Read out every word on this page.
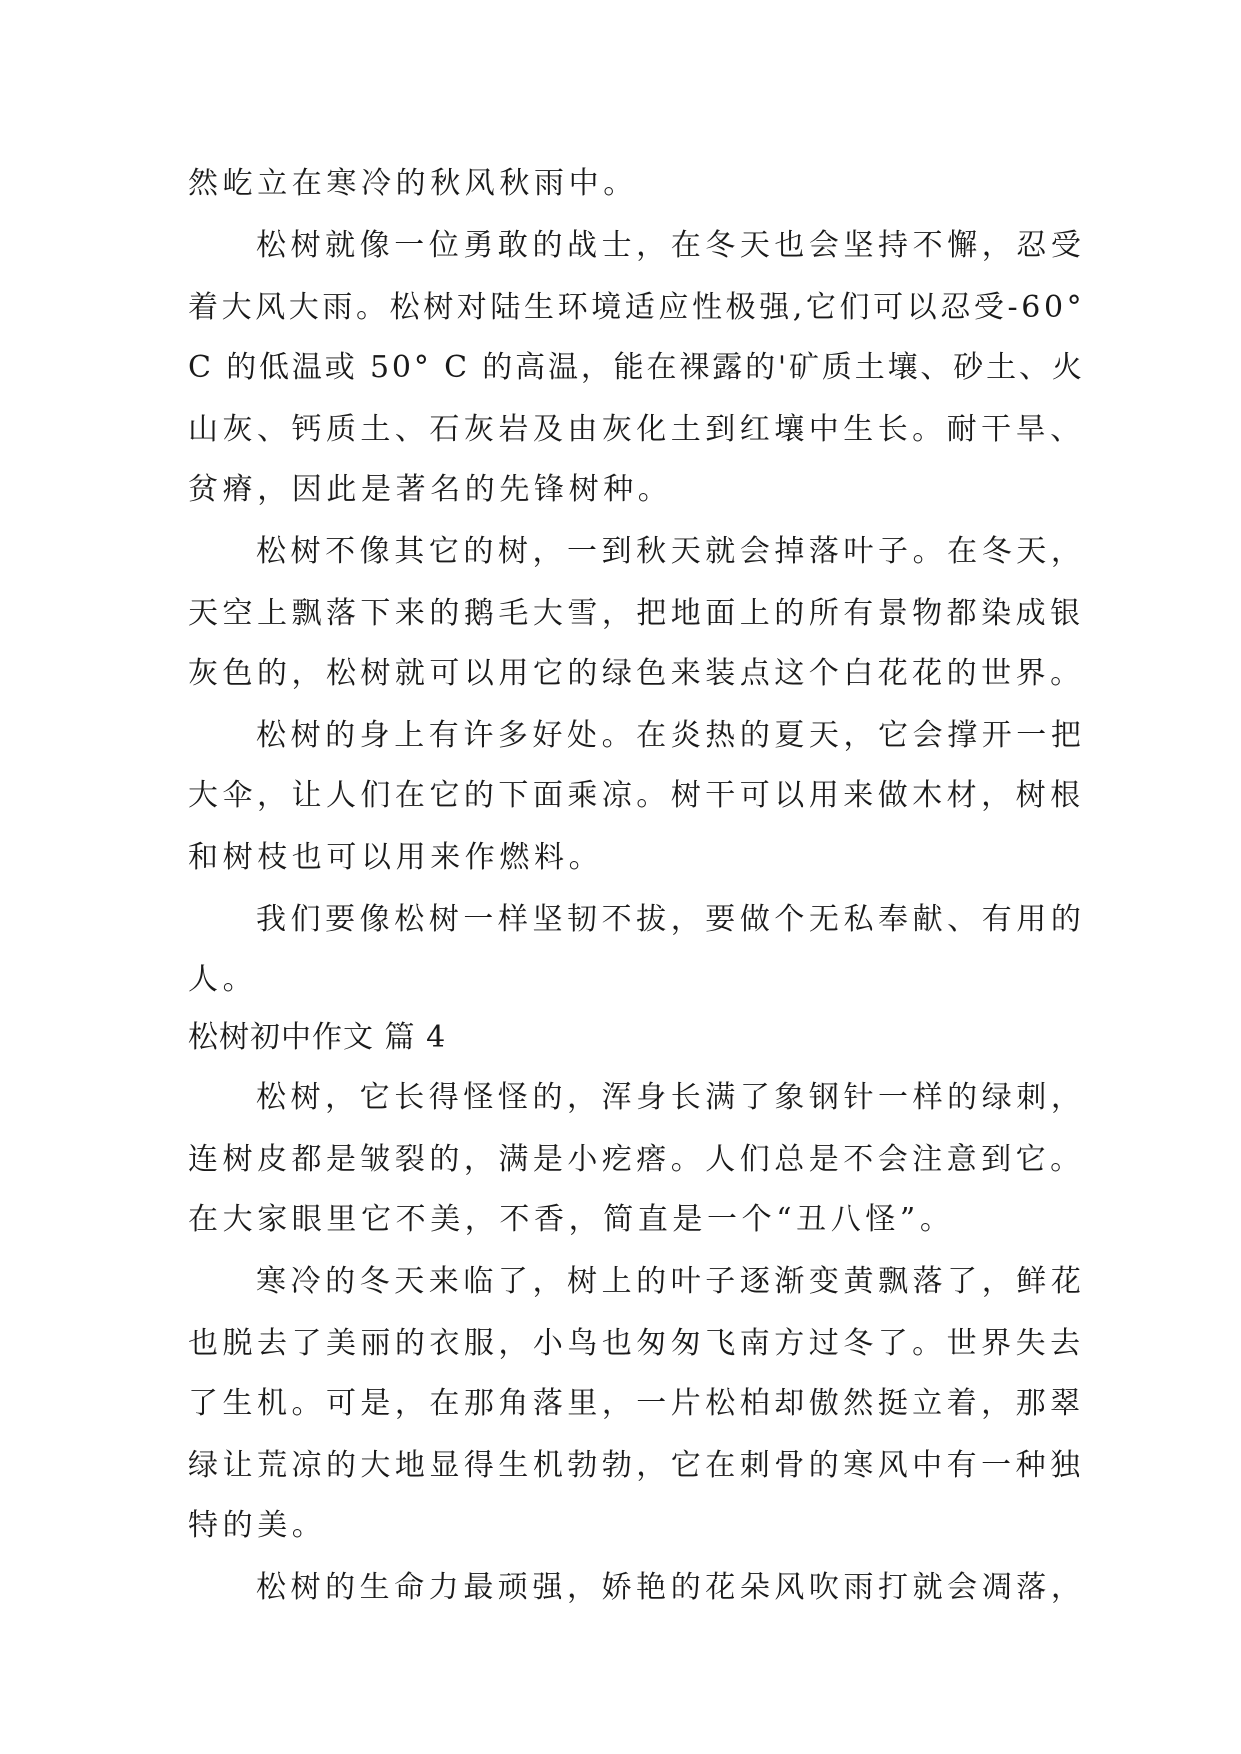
然屹立在寒冷的秋风秋雨中。
松树就像一位勇敢的战士，在冬天也会坚持不懈，忍受
着大风大雨。松树对陆生环境适应性极强,它们可以忍受-60°
C 的低温或 50° C 的高温，能在裸露的'矿质土壤、砂土、火
山灰、钙质土、石灰岩及由灰化土到红壤中生长。耐干旱、
贫瘠，因此是著名的先锋树种。
松树不像其它的树，一到秋天就会掉落叶子。在冬天，
天空上飘落下来的鹅毛大雪，把地面上的所有景物都染成银
灰色的，松树就可以用它的绿色来装点这个白花花的世界。
松树的身上有许多好处。在炎热的夏天，它会撑开一把
大伞，让人们在它的下面乘凉。树干可以用来做木材，树根
和树枝也可以用来作燃料。
我们要像松树一样坚韧不拔，要做个无私奉献、有用的
人。
松树初中作文 篇 4
松树，它长得怪怪的，浑身长满了象钢针一样的绿刺，
连树皮都是皱裂的，满是小疙瘩。人们总是不会注意到它。
在大家眼里它不美，不香，简直是一个“丑八怪”。
寒冷的冬天来临了，树上的叶子逐渐变黄飘落了，鲜花
也脱去了美丽的衣服，小鸟也匆匆飞南方过冬了。世界失去
了生机。可是，在那角落里，一片松柏却傲然挺立着，那翠
绿让荒凉的大地显得生机勃勃，它在刺骨的寒风中有一种独
特的美。
松树的生命力最顽强，娇艳的花朵风吹雨打就会凋落，
